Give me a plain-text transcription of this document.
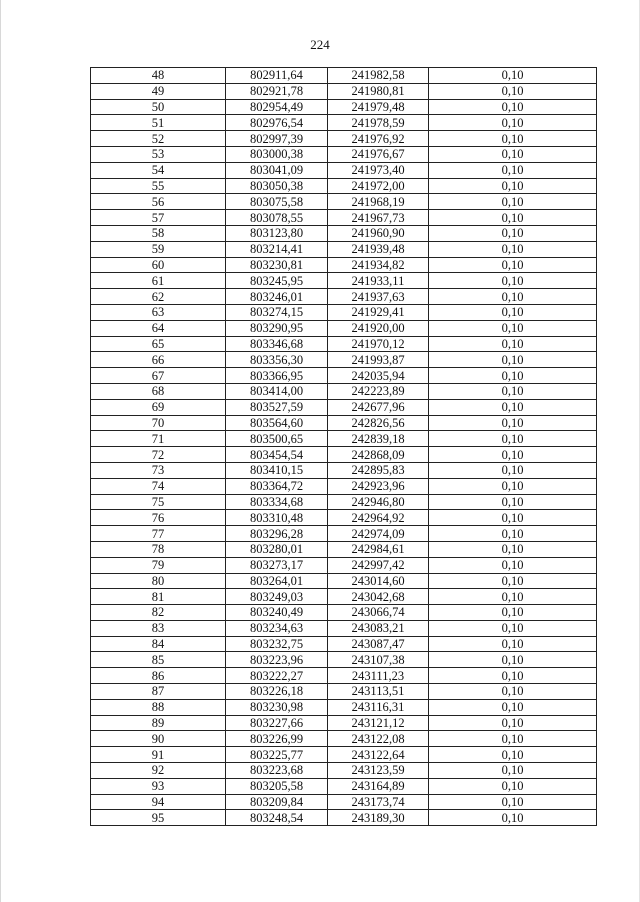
224
48	802911,64	241982,58	0,10
49	802921,78	241980,81	0,10
50	802954,49	241979,48	0,10
51	802976,54	241978,59	0,10
52	802997,39	241976,92	0,10
53	803000,38	241976,67	0,10
54	803041,09	241973,40	0,10
55	803050,38	241972,00	0,10
56	803075,58	241968,19	0,10
57	803078,55	241967,73	0,10
58	803123,80	241960,90	0,10
59	803214,41	241939,48	0,10
60	803230,81	241934,82	0,10
61	803245,95	241933,11	0,10
62	803246,01	241937,63	0,10
63	803274,15	241929,41	0,10
64	803290,95	241920,00	0,10
65	803346,68	241970,12	0,10
66	803356,30	241993,87	0,10
67	803366,95	242035,94	0,10
68	803414,00	242223,89	0,10
69	803527,59	242677,96	0,10
70	803564,60	242826,56	0,10
71	803500,65	242839,18	0,10
72	803454,54	242868,09	0,10
73	803410,15	242895,83	0,10
74	803364,72	242923,96	0,10
75	803334,68	242946,80	0,10
76	803310,48	242964,92	0,10
77	803296,28	242974,09	0,10
78	803280,01	242984,61	0,10
79	803273,17	242997,42	0,10
80	803264,01	243014,60	0,10
81	803249,03	243042,68	0,10
82	803240,49	243066,74	0,10
83	803234,63	243083,21	0,10
84	803232,75	243087,47	0,10
85	803223,96	243107,38	0,10
86	803222,27	243111,23	0,10
87	803226,18	243113,51	0,10
88	803230,98	243116,31	0,10
89	803227,66	243121,12	0,10
90	803226,99	243122,08	0,10
91	803225,77	243122,64	0,10
92	803223,68	243123,59	0,10
93	803205,58	243164,89	0,10
94	803209,84	243173,74	0,10
95	803248,54	243189,30	0,10
